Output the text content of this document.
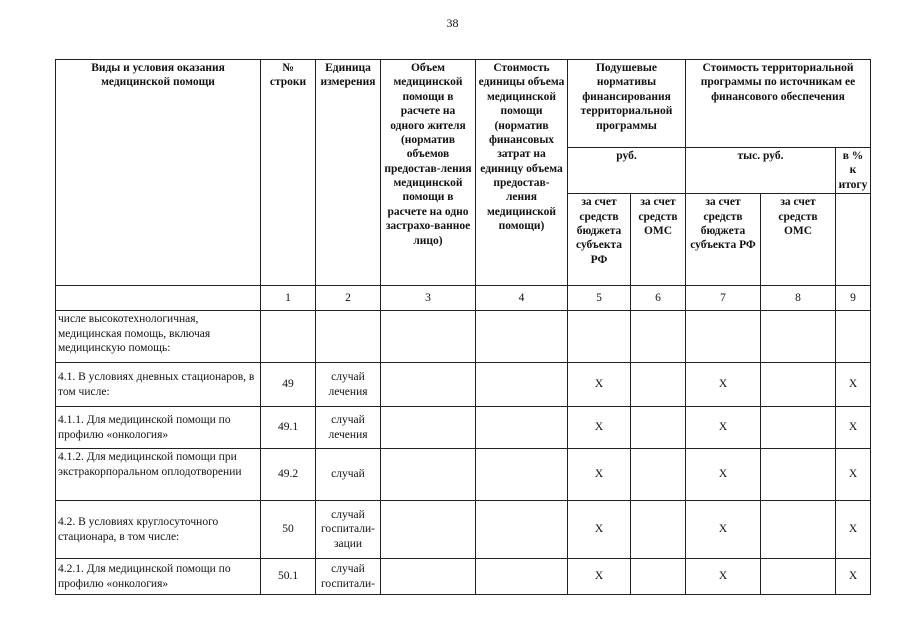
38
Виды и условия оказания медицинской помощи	№ строки	Единица измерения	Объем медицинской помощи в расчете на одного жителя (норматив объемов предостав-ления медицинской помощи в расчете на одно застрахо-ванное лицо)	Стоимость единицы объема медицинской помощи (норматив финансовых затрат на единицу объема предостав-ления медицинской помощи)	Подушевые нормативы финансирования территориальной программы		Стоимость территориальной программы по источникам ее финансового обеспечения		
					руб.		тыс. руб.		в % к итогу
					за счет средств бюджета субъекта РФ	за счет средств ОМС	за счет средств бюджета субъекта РФ	за счет средств ОМС	
	1	2	3	4	5	6	7	8	9
числе высокотехнологичная, медицинская помощь, включая медицинскую помощь:									
4.1. В условиях дневных стационаров, в том числе:	49	случай лечения			X		X		X
4.1.1. Для медицинской помощи по профилю «онкология»	49.1	случай лечения			X		X		X
4.1.2. Для медицинской помощи при экстракорпоральном оплодотворении	49.2	случай			X		X		X
4.2. В условиях круглосуточного стационара, в том числе:	50	случай госпитали-зации			X		X		X
4.2.1. Для медицинской помощи по профилю «онкология»	50.1	случай госпитали-			X		X		X
